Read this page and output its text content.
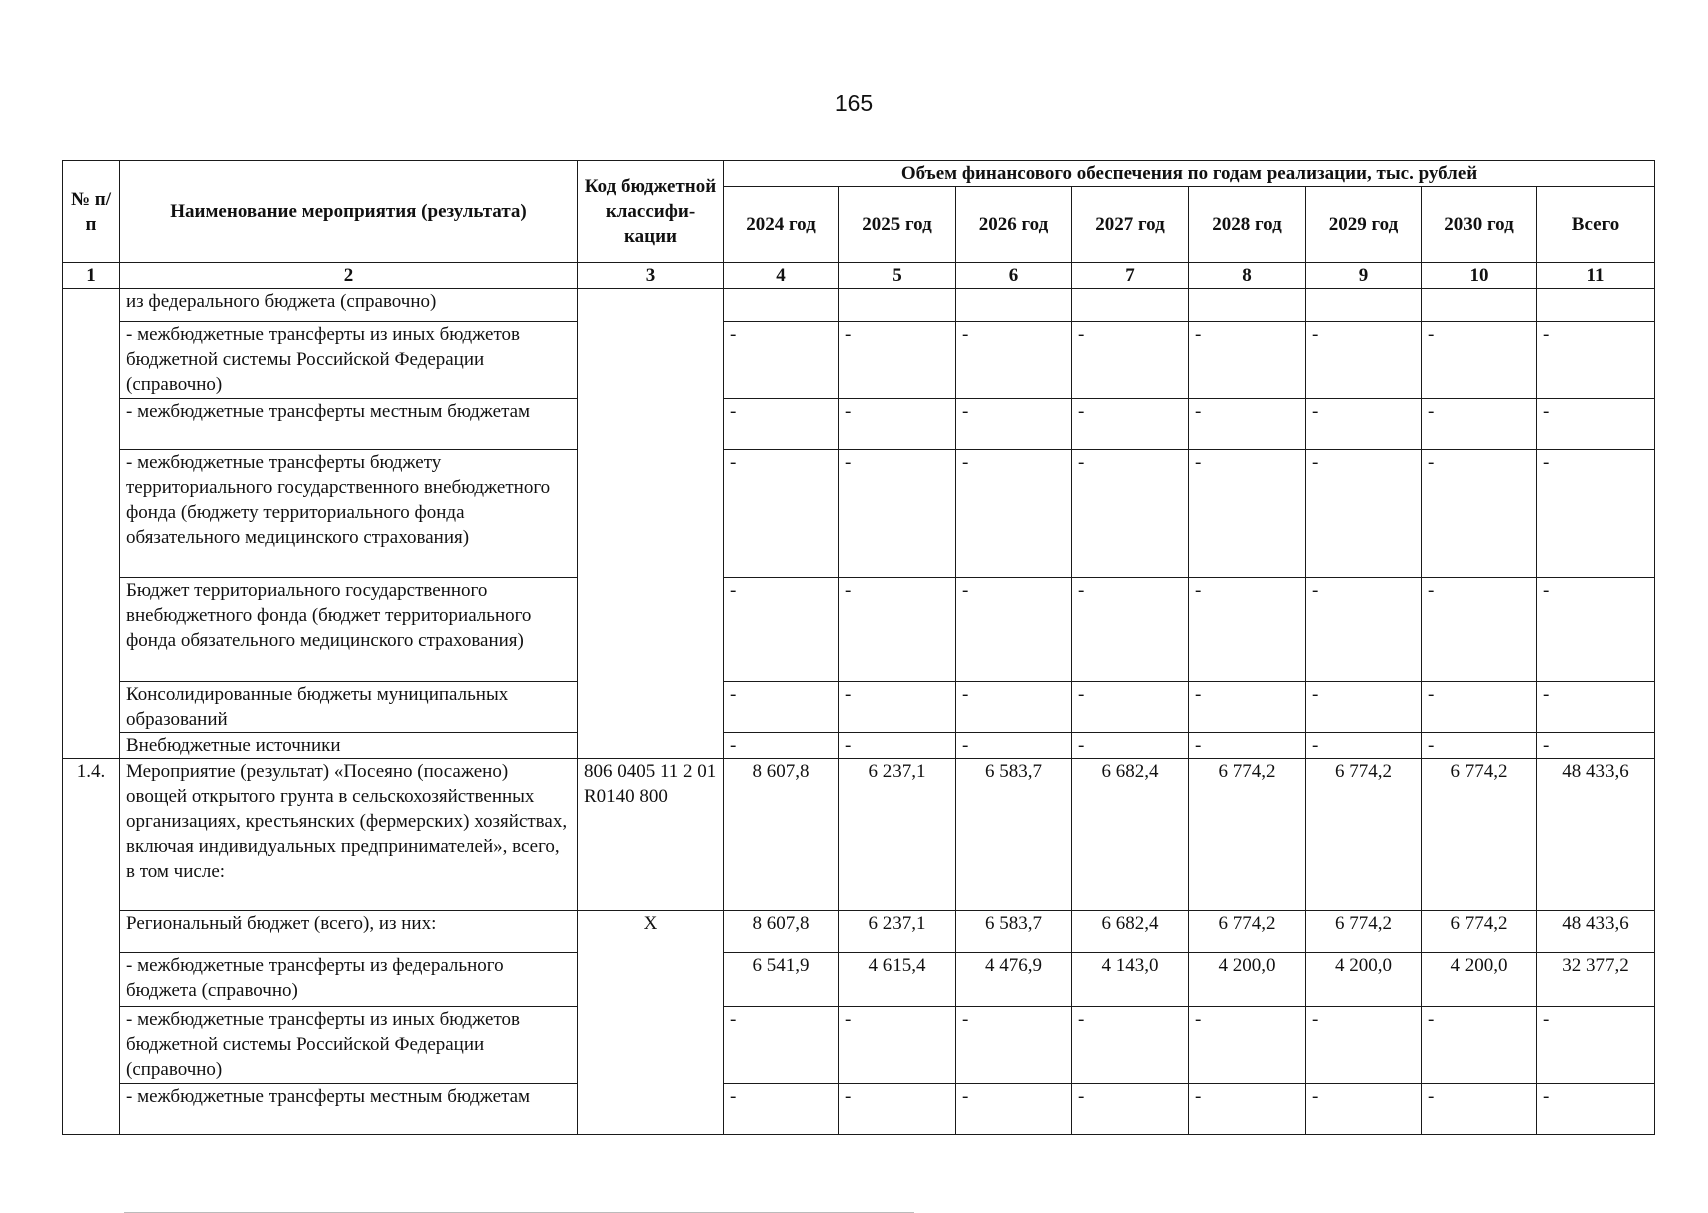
165
№ п/п	Наименование мероприятия (результата)	Код бюджетной классифи-кации	Объем финансового обеспечения по годам реализации, тыс. рублей							
			2024 год	2025 год	2026 год	2027 год	2028 год	2029 год	2030 год	Всего
1	2	3	4	5	6	7	8	9	10	11
	из федерального бюджета (справочно)									
	- межбюджетные трансферты из иных бюджетов бюджетной системы Российской Федерации (справочно)		-	-	-	-	-	-	-	-
	- межбюджетные трансферты местным бюджетам		-	-	-	-	-	-	-	-
	- межбюджетные трансферты бюджету территориального государственного внебюджетного фонда (бюджету территориального фонда обязательного медицинского страхования)		-	-	-	-	-	-	-	-
	Бюджет территориального государственного внебюджетного фонда (бюджет территориального фонда обязательного медицинского страхования)		-	-	-	-	-	-	-	-
	Консолидированные бюджеты муниципальных образований		-	-	-	-	-	-	-	-
	Внебюджетные источники		-	-	-	-	-	-	-	-
1.4.	Мероприятие (результат) «Посеяно (посажено) овощей открытого грунта в сельскохозяйственных организациях, крестьянских (фермерских) хозяйствах, включая индивидуальных предпринимателей», всего, в том числе:	806 0405 11 2 01 R0140 800	8 607,8	6 237,1	6 583,7	6 682,4	6 774,2	6 774,2	6 774,2	48 433,6
	Региональный бюджет (всего), из них:	X	8 607,8	6 237,1	6 583,7	6 682,4	6 774,2	6 774,2	6 774,2	48 433,6
	- межбюджетные трансферты из федерального бюджета (справочно)		6 541,9	4 615,4	4 476,9	4 143,0	4 200,0	4 200,0	4 200,0	32 377,2
	- межбюджетные трансферты из иных бюджетов бюджетной системы Российской Федерации (справочно)		-	-	-	-	-	-	-	-
	- межбюджетные трансферты местным бюджетам		-	-	-	-	-	-	-	-
